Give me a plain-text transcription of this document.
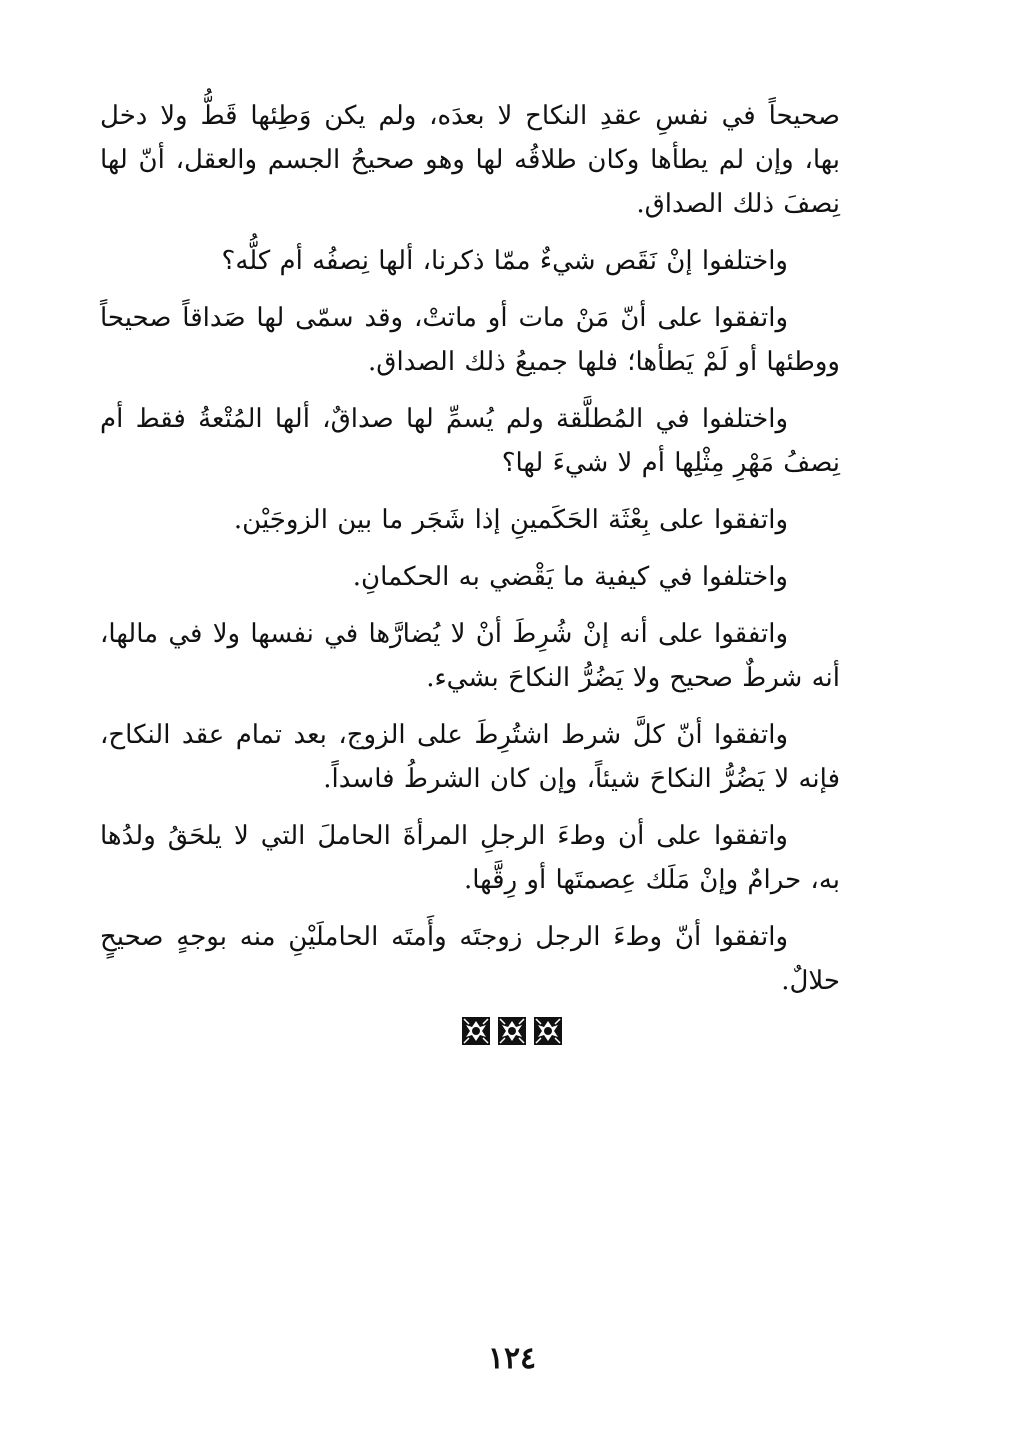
صحيحاً في نفسِ عقدِ النكاح لا بعدَه، ولم يكن وَطِئها قَطُّ ولا دخل بها، وإن لم يطأها وكان طلاقُه لها وهو صحيحُ الجسم والعقل، أنّ لها نِصفَ ذلك الصداق.

واختلفوا إنْ نَقَص شيءٌ ممّا ذكرنا، ألها نِصفُه أم كلُّه؟

واتفقوا على أنّ مَنْ مات أو ماتتْ، وقد سمّى لها صَداقاً صحيحاً ووطئها أو لَمْ يَطأها؛ فلها جميعُ ذلك الصداق.

واختلفوا في المُطلَّقة ولم يُسمِّ لها صداقٌ، ألها المُتْعةُ فقط أم نِصفُ مَهْرِ مِثْلِها أم لا شيءَ لها؟

واتفقوا على بِعْثَة الحَكَمينِ إذا شَجَر ما بين الزوجَيْن.

واختلفوا في كيفية ما يَقْضي به الحكمانِ.

واتفقوا على أنه إنْ شُرِطَ أنْ لا يُضارَّها في نفسها ولا في مالها، أنه شرطٌ صحيح ولا يَضُرُّ النكاحَ بشيء.

واتفقوا أنّ كلَّ شرط اشتُرِطَ على الزوج، بعد تمام عقد النكاح، فإنه لا يَضُرُّ النكاحَ شيئاً، وإن كان الشرطُ فاسداً.

واتفقوا على أن وطءَ الرجلِ المرأةَ الحاملَ التي لا يلحَقُ ولدُها به، حرامٌ وإنْ مَلَك عِصمتَها أو رِقَّها.

واتفقوا أنّ وطءَ الرجل زوجتَه وأَمتَه الحاملَيْنِ منه بوجهٍ صحيحٍ حلالٌ.

١٢٤
